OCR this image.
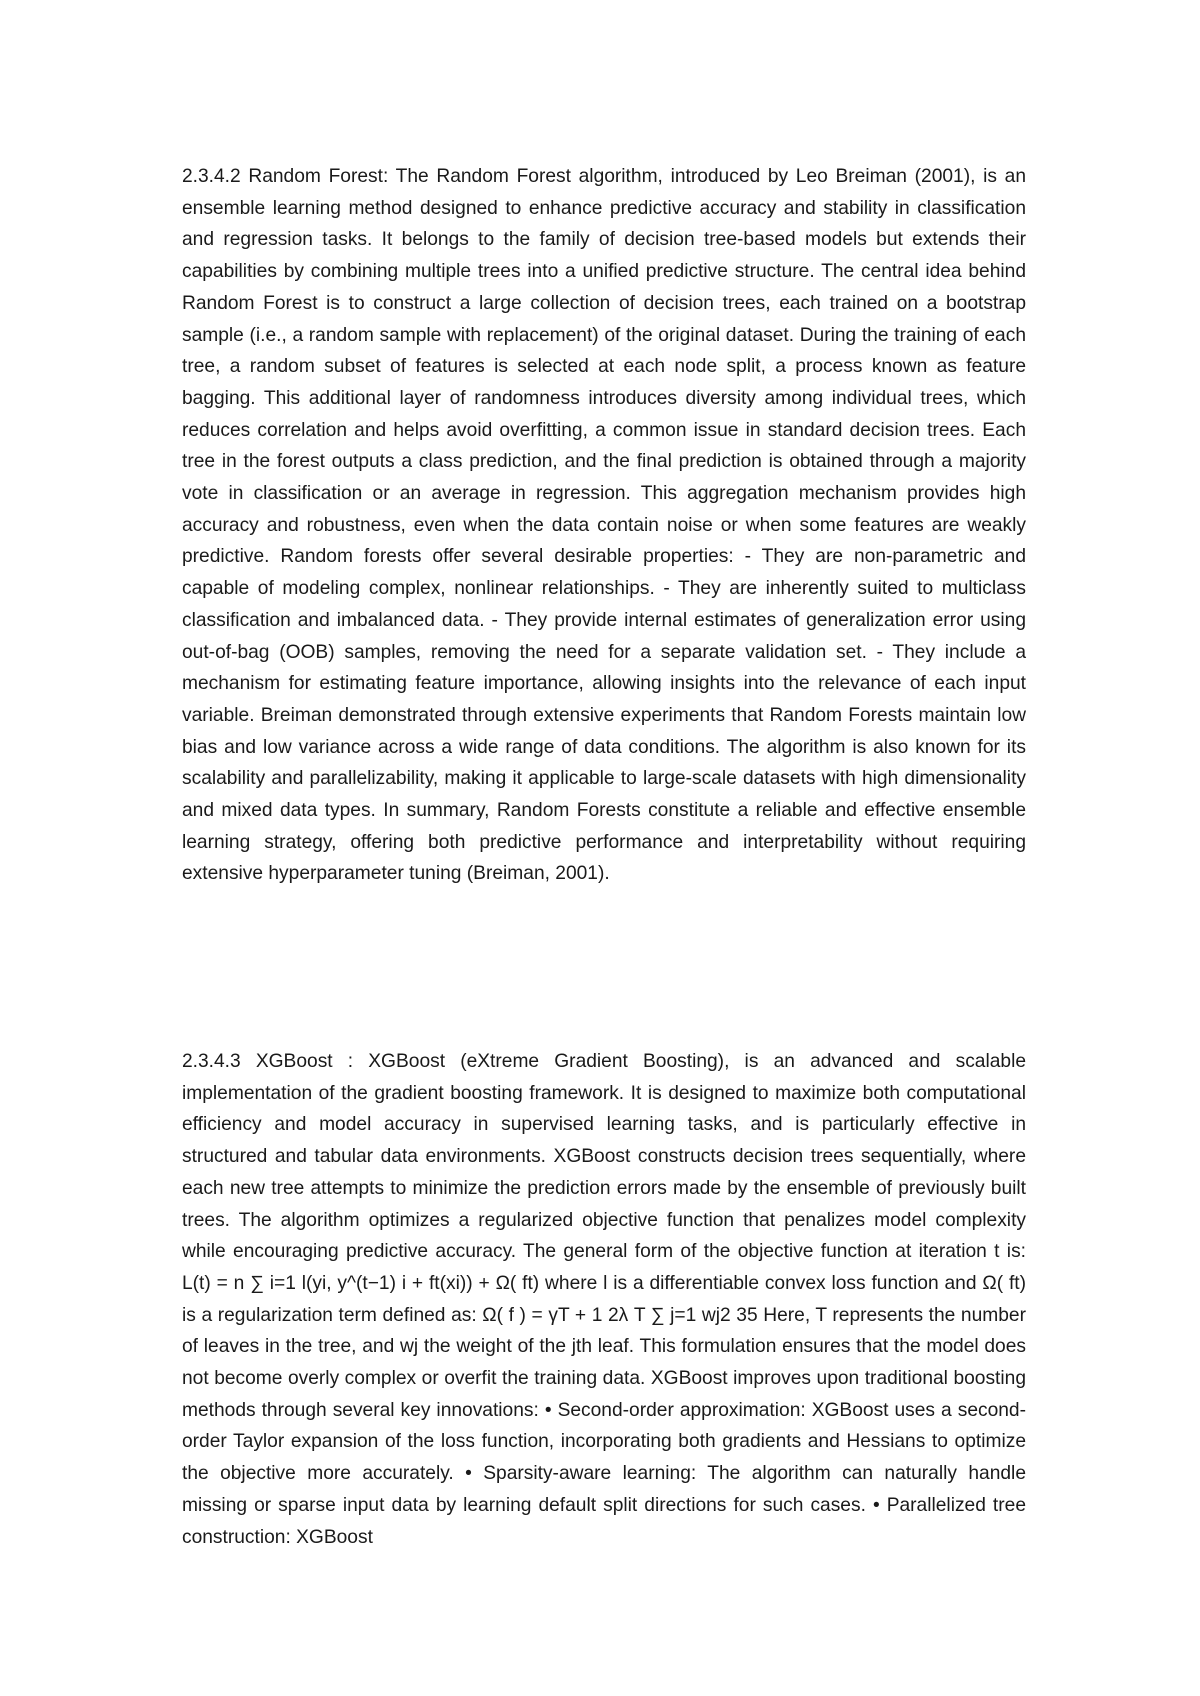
2.3.4.2 Random Forest: The Random Forest algorithm, introduced by Leo Breiman (2001), is an ensemble learning method designed to enhance predictive accuracy and stability in classification and regression tasks. It belongs to the family of decision tree-based models but extends their capabilities by combining multiple trees into a unified predictive structure. The central idea behind Random Forest is to construct a large collection of decision trees, each trained on a bootstrap sample (i.e., a random sample with replacement) of the original dataset. During the training of each tree, a random subset of features is selected at each node split, a process known as feature bagging. This additional layer of randomness introduces diversity among individual trees, which reduces correlation and helps avoid overfitting, a common issue in standard decision trees. Each tree in the forest outputs a class prediction, and the final prediction is obtained through a majority vote in classification or an average in regression. This aggregation mechanism provides high accuracy and robustness, even when the data contain noise or when some features are weakly predictive. Random forests offer several desirable properties: - They are non-parametric and capable of modeling complex, nonlinear relationships. - They are inherently suited to multiclass classification and imbalanced data. - They provide internal estimates of generalization error using out-of-bag (OOB) samples, removing the need for a separate validation set. - They include a mechanism for estimating feature importance, allowing insights into the relevance of each input variable. Breiman demonstrated through extensive experiments that Random Forests maintain low bias and low variance across a wide range of data conditions. The algorithm is also known for its scalability and parallelizability, making it applicable to large-scale datasets with high dimensionality and mixed data types. In summary, Random Forests constitute a reliable and effective ensemble learning strategy, offering both predictive performance and interpretability without requiring extensive hyperparameter tuning (Breiman, 2001).

2.3.4.3 XGBoost : XGBoost (eXtreme Gradient Boosting), is an advanced and scalable implementation of the gradient boosting framework. It is designed to maximize both computational efficiency and model accuracy in supervised learning tasks, and is particularly effective in structured and tabular data environments. XGBoost constructs decision trees sequentially, where each new tree attempts to minimize the prediction errors made by the ensemble of previously built trees. The algorithm optimizes a regularized objective function that penalizes model complexity while encouraging predictive accuracy. The general form of the objective function at iteration t is: L(t) = n ∑ i=1 l(yi, y^(t−1) i + ft(xi)) + Ω( ft) where l is a differentiable convex loss function and Ω( ft) is a regularization term defined as: Ω( f ) = γT + 1 2λ T ∑ j=1 wj2 35 Here, T represents the number of leaves in the tree, and wj the weight of the jth leaf. This formulation ensures that the model does not become overly complex or overfit the training data. XGBoost improves upon traditional boosting methods through several key innovations: • Second-order approximation: XGBoost uses a second-order Taylor expansion of the loss function, incorporating both gradients and Hessians to optimize the objective more accurately. • Sparsity-aware learning: The algorithm can naturally handle missing or sparse input data by learning default split directions for such cases. • Parallelized tree construction: XGBoost
